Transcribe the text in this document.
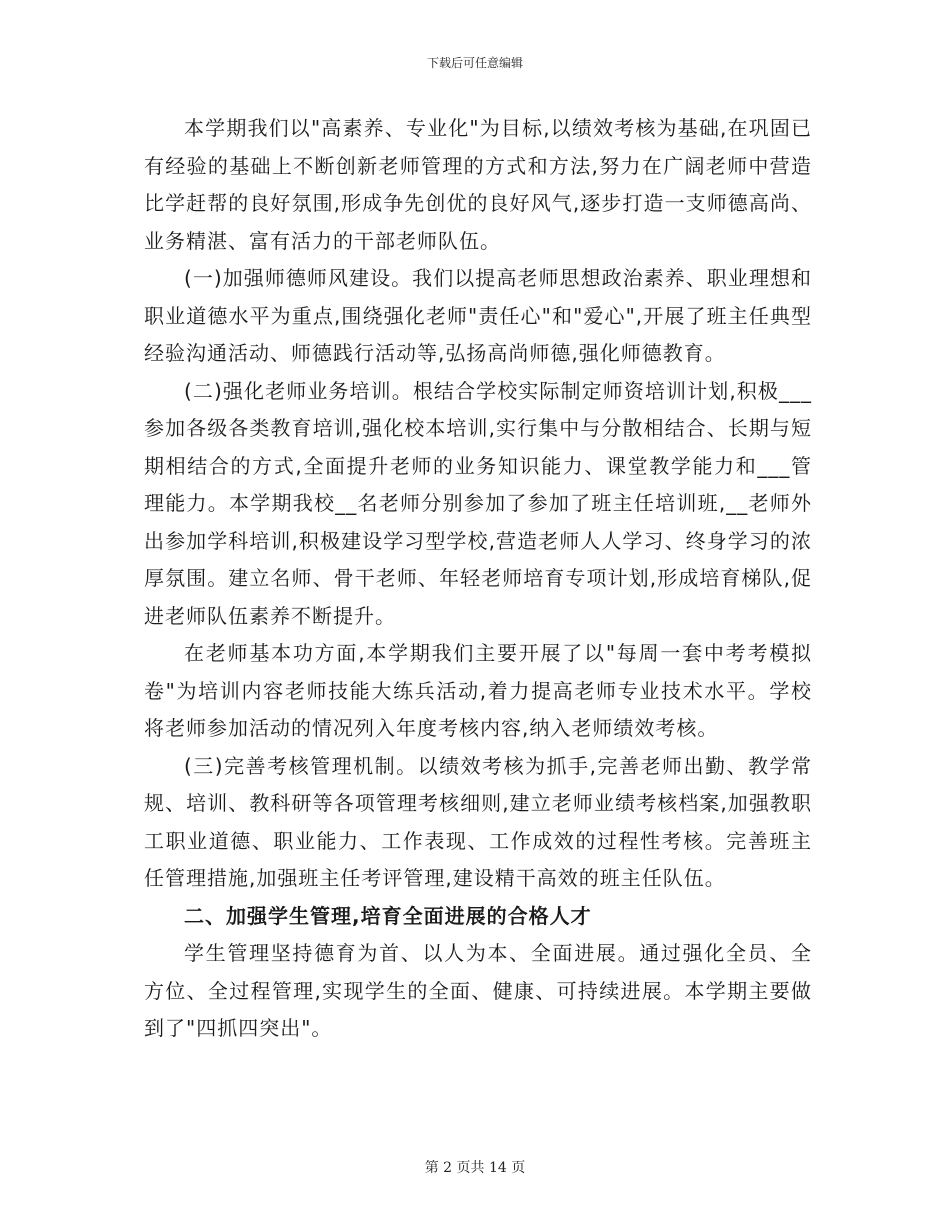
下载后可任意编辑

本学期我们以"高素养、专业化"为目标,以绩效考核为基础,在巩固已有经验的基础上不断创新老师管理的方式和方法,努力在广阔老师中营造比学赶帮的良好氛围,形成争先创优的良好风气,逐步打造一支师德高尚、业务精湛、富有活力的干部老师队伍。

(一)加强师德师风建设。我们以提高老师思想政治素养、职业理想和职业道德水平为重点,围绕强化老师"责任心"和"爱心",开展了班主任典型经验沟通活动、师德践行活动等,弘扬高尚师德,强化师德教育。

(二)强化老师业务培训。根结合学校实际制定师资培训计划,积极___参加各级各类教育培训,强化校本培训,实行集中与分散相结合、长期与短期相结合的方式,全面提升老师的业务知识能力、课堂教学能力和___管理能力。本学期我校__名老师分别参加了参加了班主任培训班,__老师外出参加学科培训,积极建设学习型学校,营造老师人人学习、终身学习的浓厚氛围。建立名师、骨干老师、年轻老师培育专项计划,形成培育梯队,促进老师队伍素养不断提升。

在老师基本功方面,本学期我们主要开展了以"每周一套中考考模拟卷"为培训内容老师技能大练兵活动,着力提高老师专业技术水平。学校将老师参加活动的情况列入年度考核内容,纳入老师绩效考核。

(三)完善考核管理机制。以绩效考核为抓手,完善老师出勤、教学常规、培训、教科研等各项管理考核细则,建立老师业绩考核档案,加强教职工职业道德、职业能力、工作表现、工作成效的过程性考核。完善班主任管理措施,加强班主任考评管理,建设精干高效的班主任队伍。

二、加强学生管理,培育全面进展的合格人才

学生管理坚持德育为首、以人为本、全面进展。通过强化全员、全方位、全过程管理,实现学生的全面、健康、可持续进展。本学期主要做到了"四抓四突出"。

第 2 页共 14 页
